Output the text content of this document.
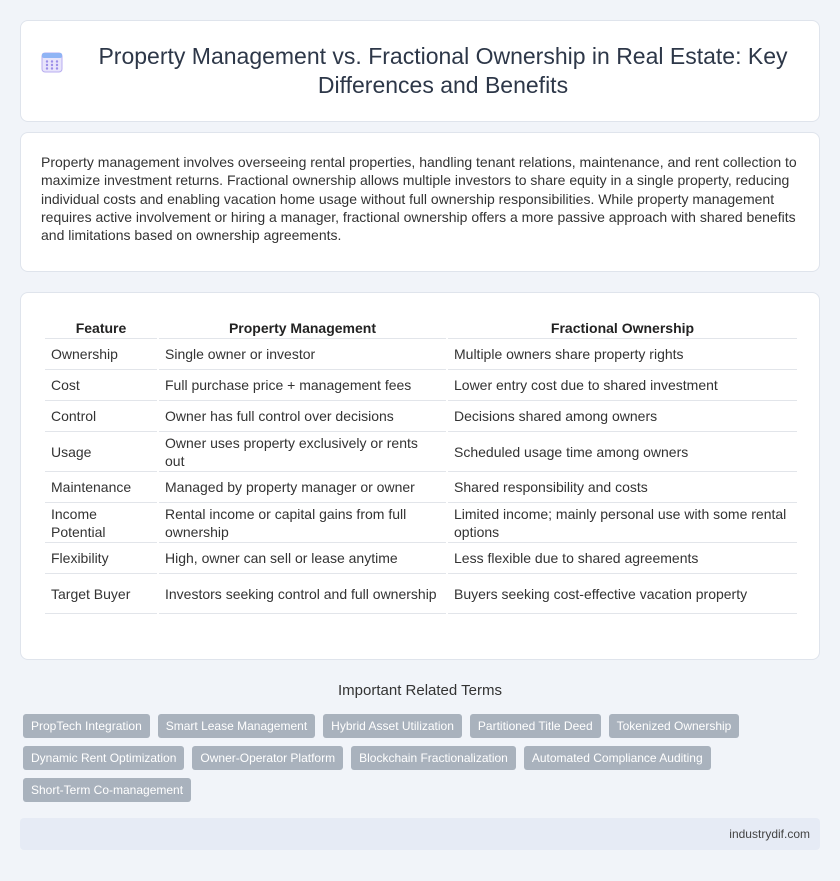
Property Management vs. Fractional Ownership in Real Estate: Key Differences and Benefits

Property management involves overseeing rental properties, handling tenant relations, maintenance, and rent collection to maximize investment returns. Fractional ownership allows multiple investors to share equity in a single property, reducing individual costs and enabling vacation home usage without full ownership responsibilities. While property management requires active involvement or hiring a manager, fractional ownership offers a more passive approach with shared benefits and limitations based on ownership agreements.

Feature	Property Management	Fractional Ownership
Ownership	Single owner or investor	Multiple owners share property rights
Cost	Full purchase price + management fees	Lower entry cost due to shared investment
Control	Owner has full control over decisions	Decisions shared among owners
Usage	Owner uses property exclusively or rents out	Scheduled usage time among owners
Maintenance	Managed by property manager or owner	Shared responsibility and costs
Income Potential	Rental income or capital gains from full ownership	Limited income; mainly personal use with some rental options
Flexibility	High, owner can sell or lease anytime	Less flexible due to shared agreements
Target Buyer	Investors seeking control and full ownership	Buyers seeking cost-effective vacation property
Important Related Terms
PropTech Integration	Smart Lease Management	Hybrid Asset Utilization	Partitioned Title Deed	Tokenized Ownership
Dynamic Rent Optimization	Owner-Operator Platform	Blockchain Fractionalization	Automated Compliance Auditing
Short-Term Co-management
industrydif.com
